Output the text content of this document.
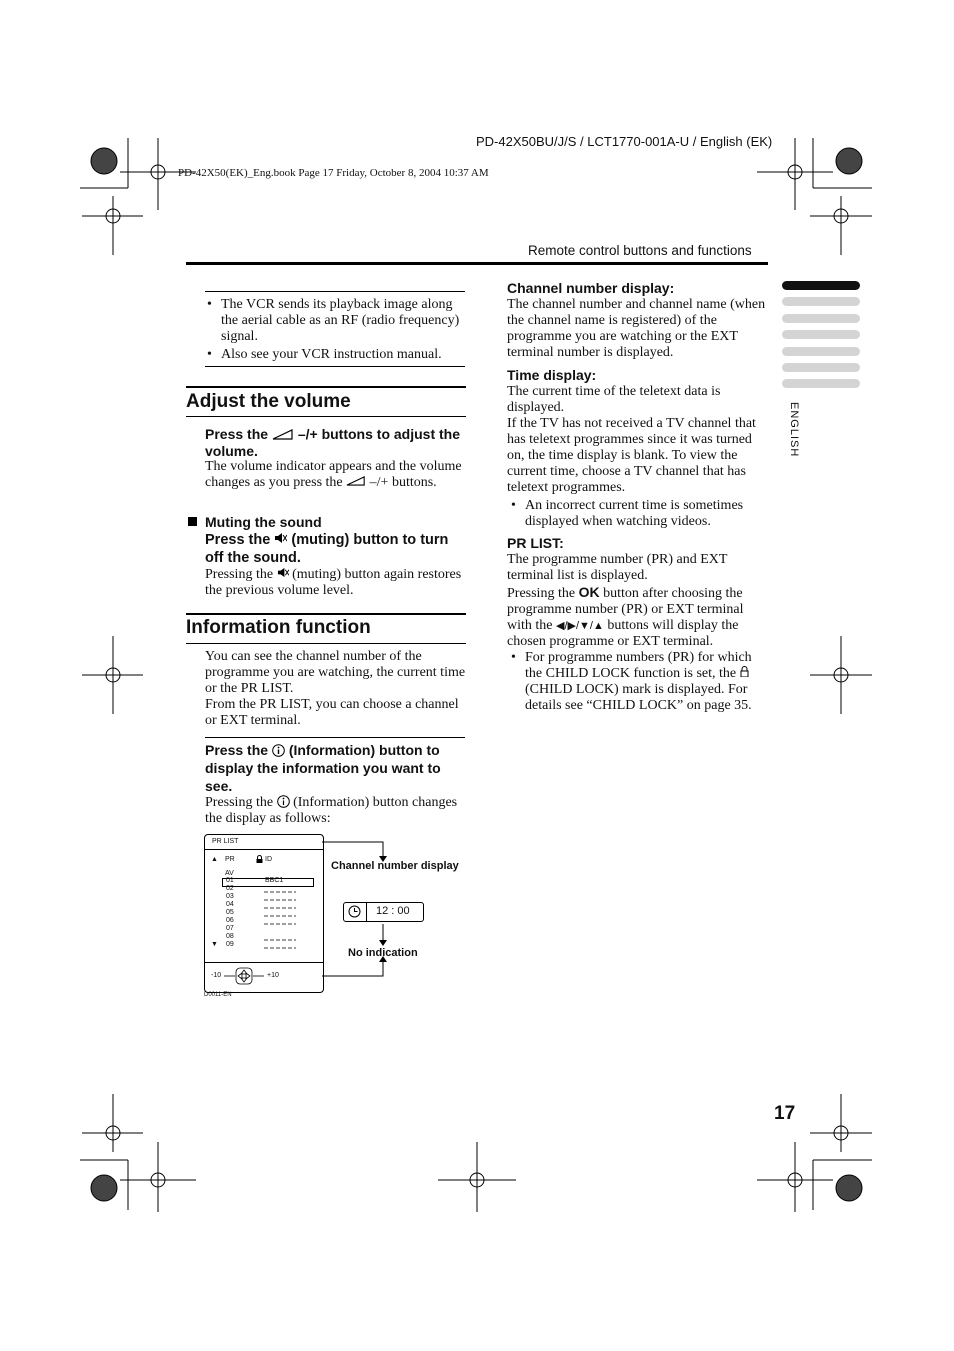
PD-42X50BU/J/S / LCT1770-001A-U / English (EK)
PD-42X50(EK)_Eng.book Page 17 Friday, October 8, 2004 10:37 AM
Remote control buttons and functions
ENGLISH
• The VCR sends its playback image along the aerial cable as an RF (radio frequency) signal.
• Also see your VCR instruction manual.
Adjust the volume
Press the –/+ buttons to adjust the volume.
The volume indicator appears and the volume changes as you press the –/+ buttons.
Muting the sound
Press the (muting) button to turn off the sound.
Pressing the (muting) button again restores the previous volume level.
Information function
You can see the channel number of the programme you are watching, the current time or the PR LIST.
From the PR LIST, you can choose a channel or EXT terminal.
Press the (Information) button to display the information you want to see.
Pressing the (Information) button changes the display as follows:
PR LIST
▲ PR	ID
AV
BBC1
01
02
03
04
05
06
07
08
09
▼
-10	+10
D0011-EN
Channel number display
12 : 00
No indication
Channel number display:
The channel number and channel name (when the channel name is registered) of the programme you are watching or the EXT terminal number is displayed.
Time display:
The current time of the teletext data is displayed.
If the TV has not received a TV channel that has teletext programmes since it was turned on, the time display is blank. To view the current time, choose a TV channel that has teletext programmes.
• An incorrect current time is sometimes displayed when watching videos.
PR LIST:
The programme number (PR) and EXT terminal list is displayed.
Pressing the OK button after choosing the programme number (PR) or EXT terminal with the ◀/▶/▼/▲ buttons will display the chosen programme or EXT terminal.
• For programme numbers (PR) for which the CHILD LOCK function is set, the  (CHILD LOCK) mark is displayed. For details see “CHILD LOCK” on page 35.
17
